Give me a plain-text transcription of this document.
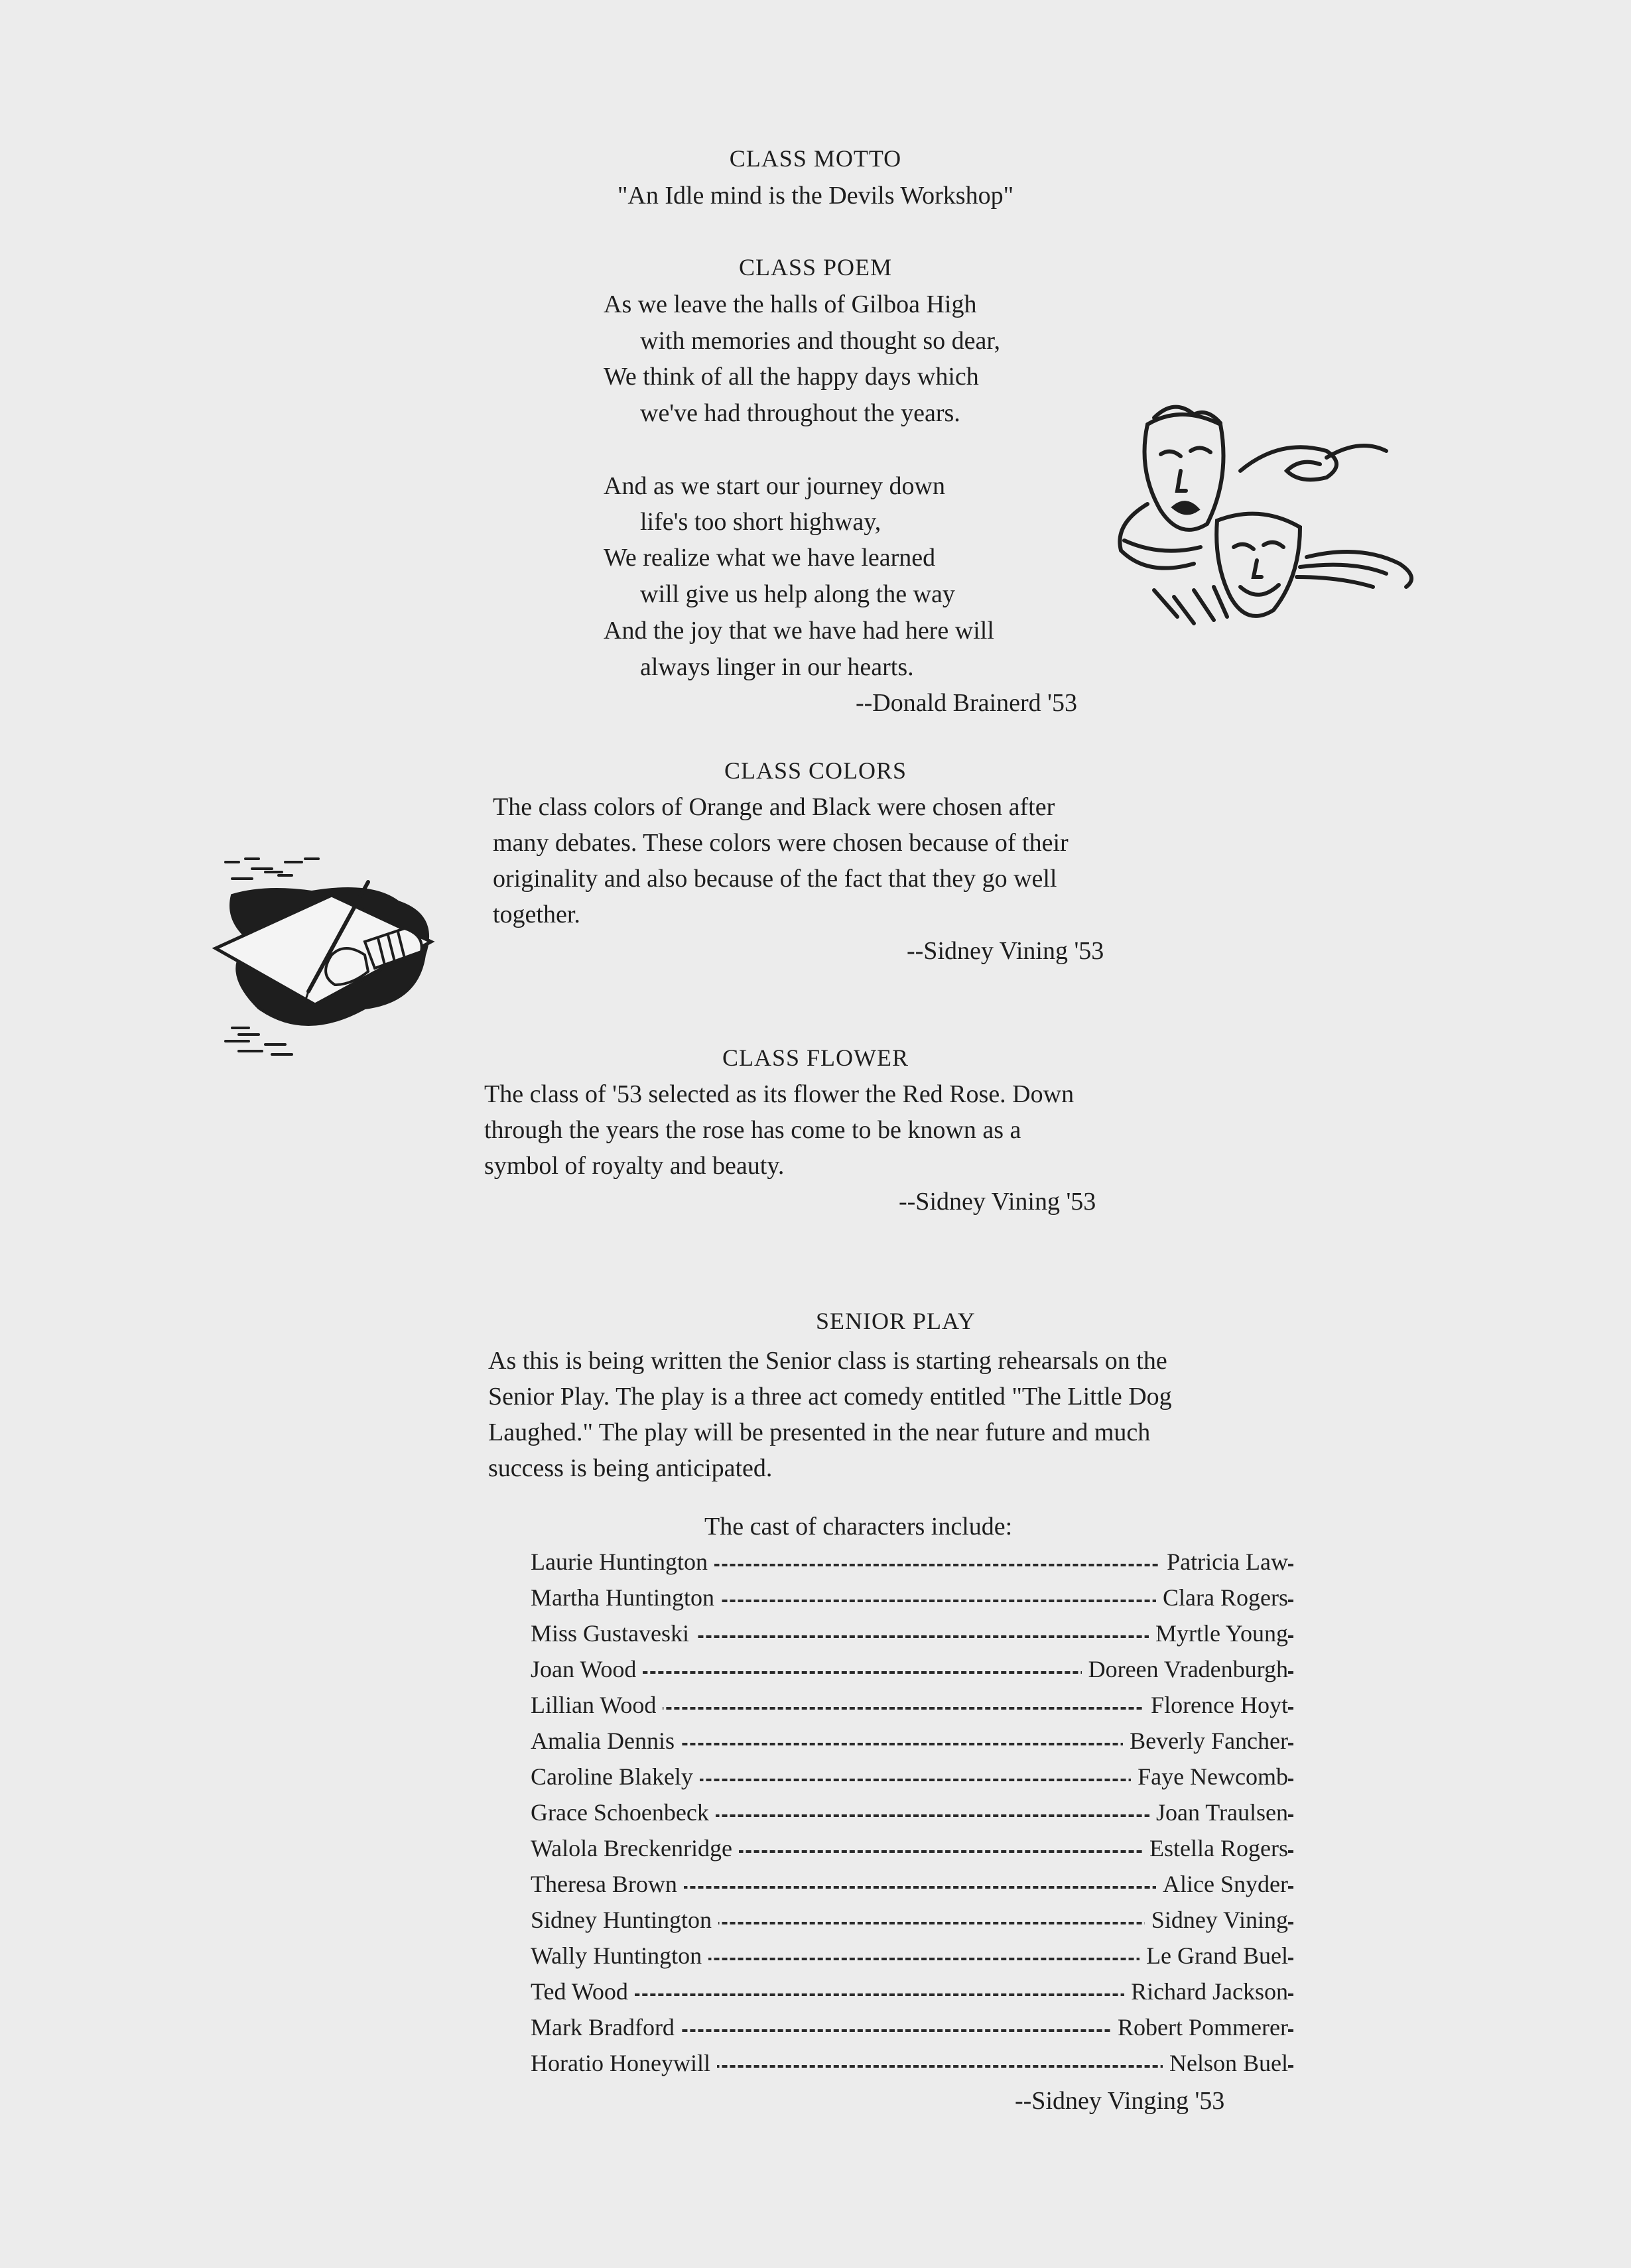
CLASS MOTTO
"An Idle mind is the Devils Workshop"
CLASS POEM
As we leave the halls of Gilboa High
with memories and thought so dear,
We think of all the happy days which
we've had throughout the years.
And as we start our journey down
life's too short highway,
We realize what we have learned
will give us help along the way
And the joy that we have had here will
always linger in our hearts.
--Donald Brainerd '53
CLASS COLORS
The class colors of Orange and Black were chosen after
many debates. These colors were chosen because of their
originality and also because of the fact that they go well
together.
--Sidney Vining '53
CLASS FLOWER
The class of '53 selected as its flower the Red Rose. Down
through the years the rose has come to be known as a
symbol of royalty and beauty.
--Sidney Vining '53
SENIOR PLAY
As this is being written the Senior class is starting rehearsals on the
Senior Play. The play is a three act comedy entitled "The Little Dog
Laughed." The play will be presented in the near future and much
success is being anticipated.
The cast of characters include:
Laurie Huntington	Patricia Law
Martha Huntington	Clara Rogers
Miss Gustaveski	Myrtle Young
Joan Wood	Doreen Vradenburgh
Lillian Wood	Florence Hoyt
Amalia Dennis	Beverly Fancher
Caroline Blakely	Faye Newcomb
Grace Schoenbeck	Joan Traulsen
Walola Breckenridge	Estella Rogers
Theresa Brown	Alice Snyder
Sidney Huntington	Sidney Vining
Wally Huntington	Le Grand Buel
Ted Wood	Richard Jackson
Mark Bradford	Robert Pommerer
Horatio Honeywill	Nelson Buel
--Sidney Vinging '53
